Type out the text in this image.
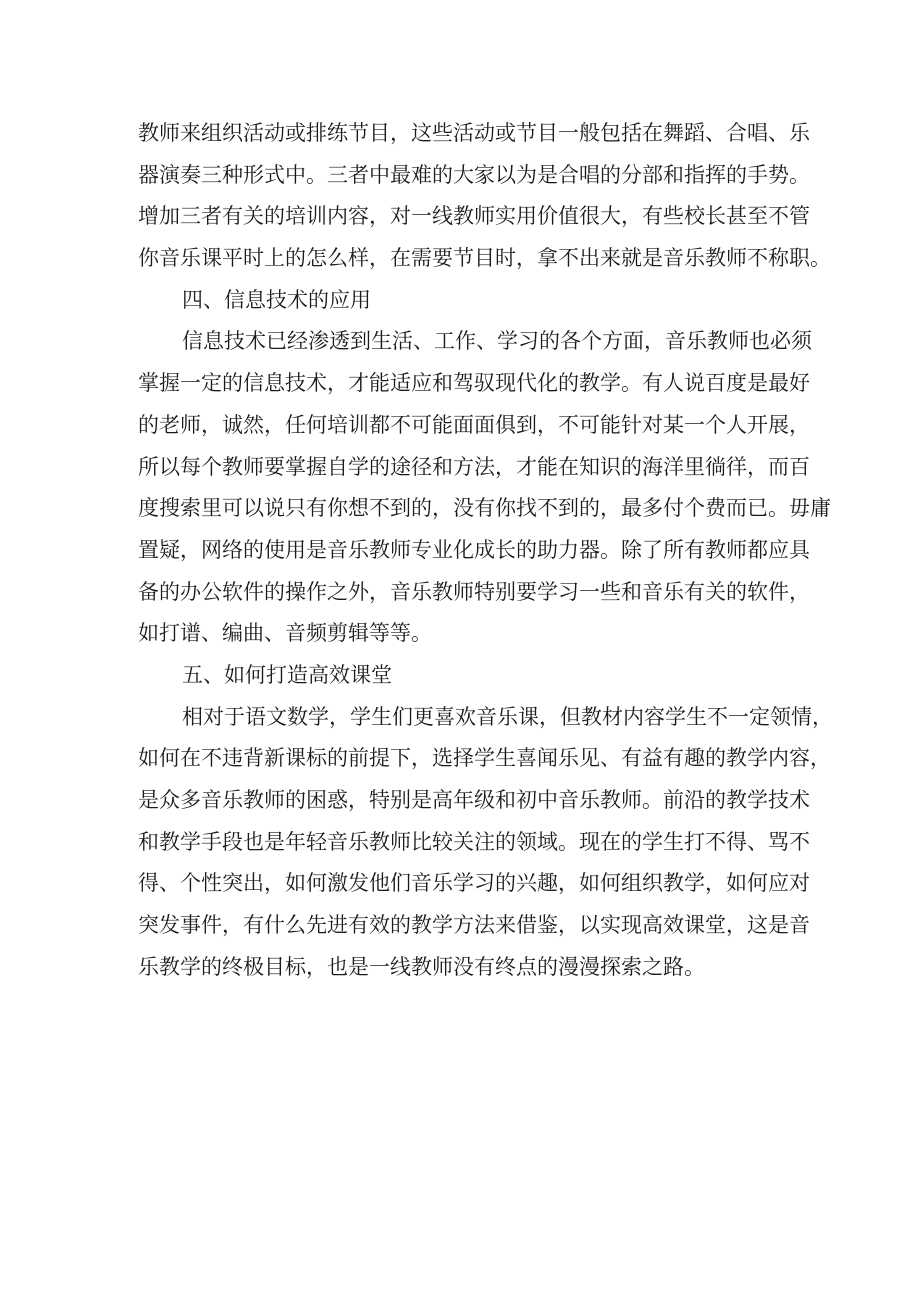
教师来组织活动或排练节目，这些活动或节目一般包括在舞蹈、合唱、乐
器演奏三种形式中。三者中最难的大家以为是合唱的分部和指挥的手势。
增加三者有关的培训内容，对一线教师实用价值很大，有些校长甚至不管
你音乐课平时上的怎么样，在需要节目时，拿不出来就是音乐教师不称职。
四、信息技术的应用
信息技术已经渗透到生活、工作、学习的各个方面，音乐教师也必须
掌握一定的信息技术，才能适应和驾驭现代化的教学。有人说百度是最好
的老师，诚然，任何培训都不可能面面俱到，不可能针对某一个人开展，
所以每个教师要掌握自学的途径和方法，才能在知识的海洋里徜徉，而百
度搜索里可以说只有你想不到的，没有你找不到的，最多付个费而已。毋庸
置疑，网络的使用是音乐教师专业化成长的助力器。除了所有教师都应具
备的办公软件的操作之外，音乐教师特别要学习一些和音乐有关的软件，
如打谱、编曲、音频剪辑等等。
五、如何打造高效课堂
相对于语文数学，学生们更喜欢音乐课，但教材内容学生不一定领情，
如何在不违背新课标的前提下，选择学生喜闻乐见、有益有趣的教学内容，
是众多音乐教师的困惑，特别是高年级和初中音乐教师。前沿的教学技术
和教学手段也是年轻音乐教师比较关注的领域。现在的学生打不得、骂不
得、个性突出，如何激发他们音乐学习的兴趣，如何组织教学，如何应对
突发事件，有什么先进有效的教学方法来借鉴，以实现高效课堂，这是音
乐教学的终极目标，也是一线教师没有终点的漫漫探索之路。
